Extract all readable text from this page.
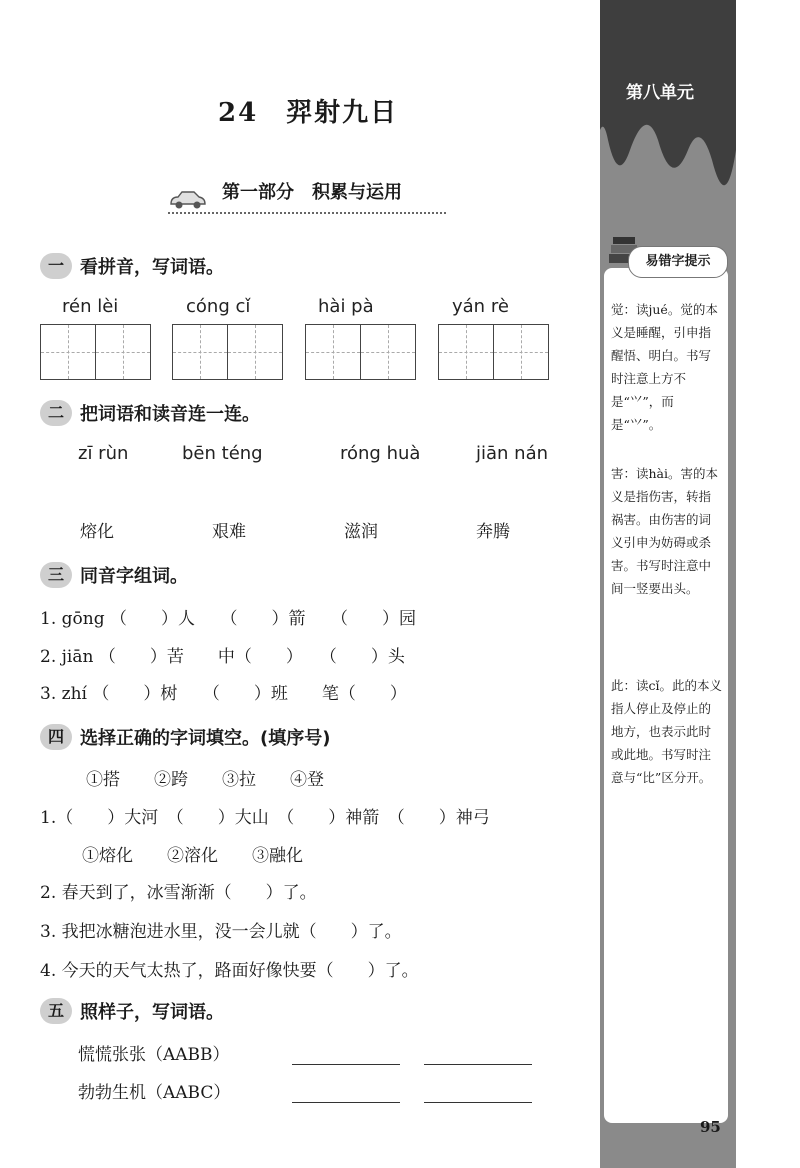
第八单元
易错字提示
觉：读jué。觉的本义是睡醒，引申指醒悟、明白。书写时注意上方不是“⺍”，而是“⺍”。
害：读hài。害的本义是指伤害，转指祸害。由伤害的词义引申为妨碍或杀害。书写时注意中间一竖要出头。
此：读cǐ。此的本义指人停止及停止的地方，也表示此时或此地。书写时注意与“比”区分开。
95
24　羿射九日
第一部分　积累与运用
一 看拼音，写词语。
rén lèi	cóng cǐ	hài pà	yán rè
二 把词语和读音连一连。
zī rùn	bēn téng	róng huà	jiān nán
熔化	艰难	滋润	奔腾
三 同音字组词。
1. gōng （　　）人　　（　　）箭　　（　　）园
2. jiān （　　）苦　　中（　　）　　（　　）头
3. zhí （　　）树　　（　　）班　　笔（　　）
四 选择正确的字词填空。(填序号)
①搭　　②跨　　③拉　　④登
1.（　　）大河　（　　）大山　（　　）神箭　（　　）神弓
①熔化　　②溶化　　③融化
2. 春天到了，冰雪渐渐（　　）了。
3. 我把冰糖泡进水里，没一会儿就（　　）了。
4. 今天的天气太热了，路面好像快要（　　）了。
五 照样子，写词语。
慌慌张张（AABB）
勃勃生机（AABC）
